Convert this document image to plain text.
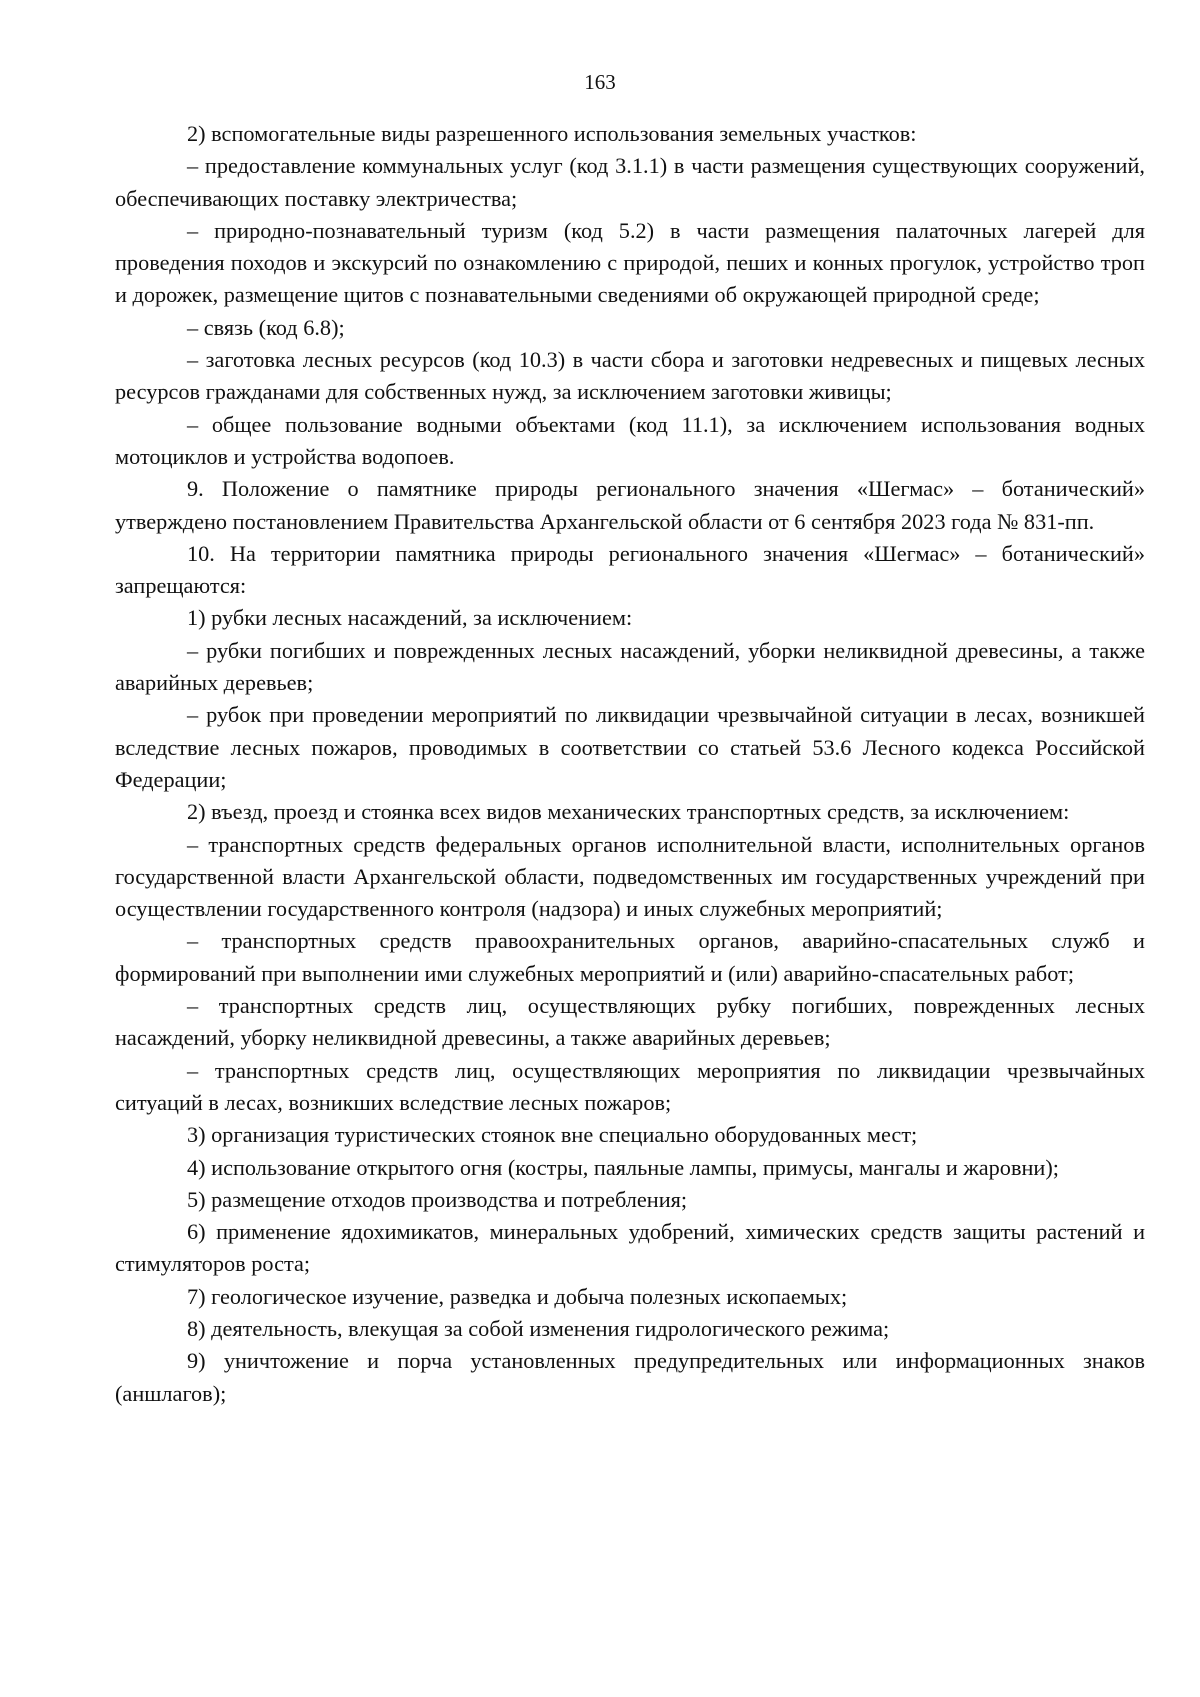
163

2) вспомогательные виды разрешенного использования земельных участков:

– предоставление коммунальных услуг (код 3.1.1) в части размещения существующих сооружений, обеспечивающих поставку электричества;

– природно-познавательный туризм (код 5.2) в части размещения палаточных лагерей для проведения походов и экскурсий по ознакомлению с природой, пеших и конных прогулок, устройство троп и дорожек, размещение щитов с познавательными сведениями об окружающей природной среде;

– связь (код 6.8);

– заготовка лесных ресурсов (код 10.3) в части сбора и заготовки недревесных и пищевых лесных ресурсов гражданами для собственных нужд, за исключением заготовки живицы;

– общее пользование водными объектами (код 11.1), за исключением использования водных мотоциклов и устройства водопоев.

9. Положение о памятнике природы регионального значения «Шегмас» – ботанический» утверждено постановлением Правительства Архангельской области от 6 сентября 2023 года № 831-пп.

10. На территории памятника природы регионального значения «Шегмас» – ботанический» запрещаются:

1) рубки лесных насаждений, за исключением:

– рубки погибших и поврежденных лесных насаждений, уборки неликвидной древесины, а также аварийных деревьев;

– рубок при проведении мероприятий по ликвидации чрезвычайной ситуации в лесах, возникшей вследствие лесных пожаров, проводимых в соответствии со статьей 53.6 Лесного кодекса Российской Федерации;

2) въезд, проезд и стоянка всех видов механических транспортных средств, за исключением:

– транспортных средств федеральных органов исполнительной власти, исполнительных органов государственной власти Архангельской области, подведомственных им государственных учреждений при осуществлении государственного контроля (надзора) и иных служебных мероприятий;

– транспортных средств правоохранительных органов, аварийно-спасательных служб и формирований при выполнении ими служебных мероприятий и (или) аварийно-спасательных работ;

– транспортных средств лиц, осуществляющих рубку погибших, поврежденных лесных насаждений, уборку неликвидной древесины, а также аварийных деревьев;

– транспортных средств лиц, осуществляющих мероприятия по ликвидации чрезвычайных ситуаций в лесах, возникших вследствие лесных пожаров;

3) организация туристических стоянок вне специально оборудованных мест;

4) использование открытого огня (костры, паяльные лампы, примусы, мангалы и жаровни);

5) размещение отходов производства и потребления;

6) применение ядохимикатов, минеральных удобрений, химических средств защиты растений и стимуляторов роста;

7) геологическое изучение, разведка и добыча полезных ископаемых;

8) деятельность, влекущая за собой изменения гидрологического режима;

9) уничтожение и порча установленных предупредительных или информационных знаков (аншлагов);
